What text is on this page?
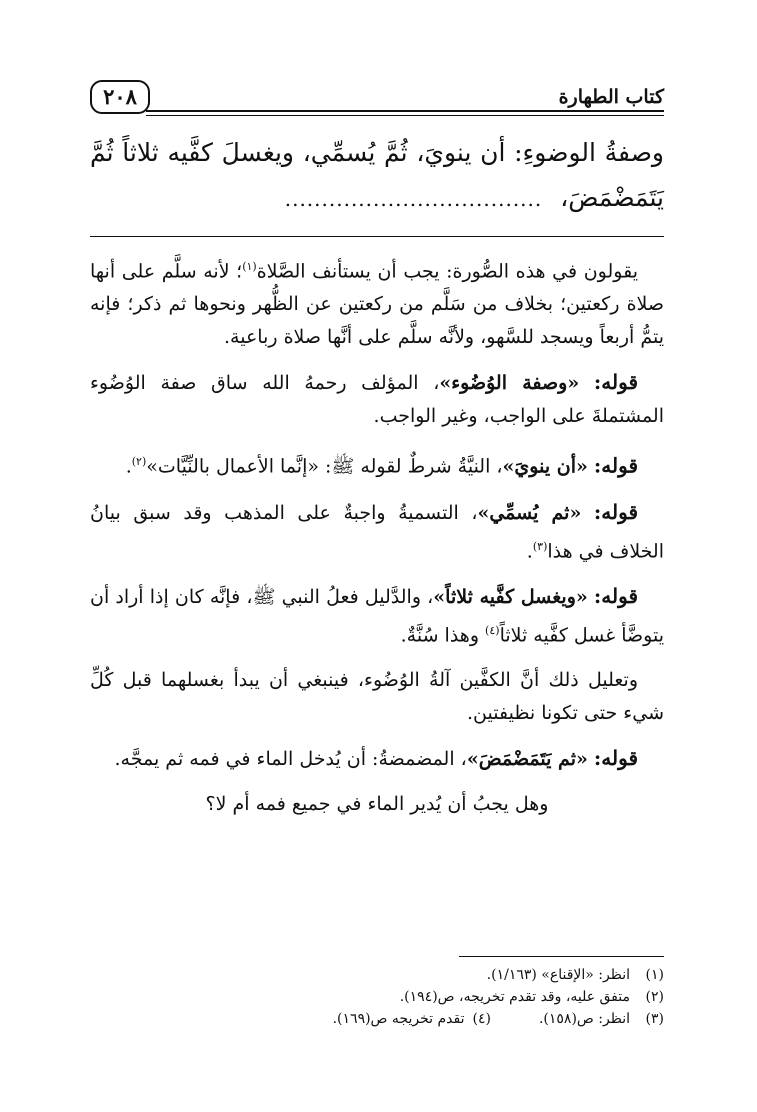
كتاب الطهارة
٢٠٨
وصفةُ الوضوءِ: أن ينويَ، ثُمَّ يُسمِّي، ويغسلَ كفَّيه ثلاثاً ثُمَّ يَتَمَضْمَضَ، ...................................

يقولون في هذه الصُّورة: يجب أن يستأنف الصَّلاة$^{(١)}$؛ لأنه سلَّم على أنها صلاة ركعتين؛ بخلاف من سَلَّم من ركعتين عن الظُّهر ونحوها ثم ذكر؛ فإنه يتمُّ أربعاً ويسجد للسَّهو، ولأنَّه سلَّم على أنَّها صلاة رباعية.

قوله: «وصفة الوُضُوء»، المؤلف رحمهُ الله ساق صفة الوُضُوء المشتملةَ على الواجب، وغير الواجب.

قوله: «أن ينويَ»، النيَّةُ شرطٌ لقوله ﷺ: «إنَّما الأعمال بالنِّيَّات»$^{(٢)}$.

قوله: «ثم يُسمِّي»، التسميةُ واجبةٌ على المذهب وقد سبق بيانُ الخلاف في هذا$^{(٣)}$.

قوله: «ويغسل كفَّيه ثلاثاً»، والدَّليل فعلُ النبي ﷺ، فإنَّه كان إذا أراد أن يتوضَّأ غسل كفَّيه ثلاثاً$^{(٤)}$ وهذا سُنَّةٌ.

وتعليل ذلك أنَّ الكفَّين آلةُ الوُضُوء، فينبغي أن يبدأ بغسلهما قبل كُلِّ شيء حتى تكونا نظيفتين.

قوله: «ثم يَتَمَضْمَضَ»، المضمضةُ: أن يُدخل الماء في فمه ثم يمجَّه.

وهل يجبُ أن يُدير الماء في جميع فمه أم لا؟

(١)
انظر: «الإقناع» (١/١٦٣).
(٢)
متفق عليه، وقد تقدم تخريجه، ص(١٩٤).
(٣)
انظر: ص(١٥٨).
(٤)
تقدم تخريجه ص(١٦٩).
